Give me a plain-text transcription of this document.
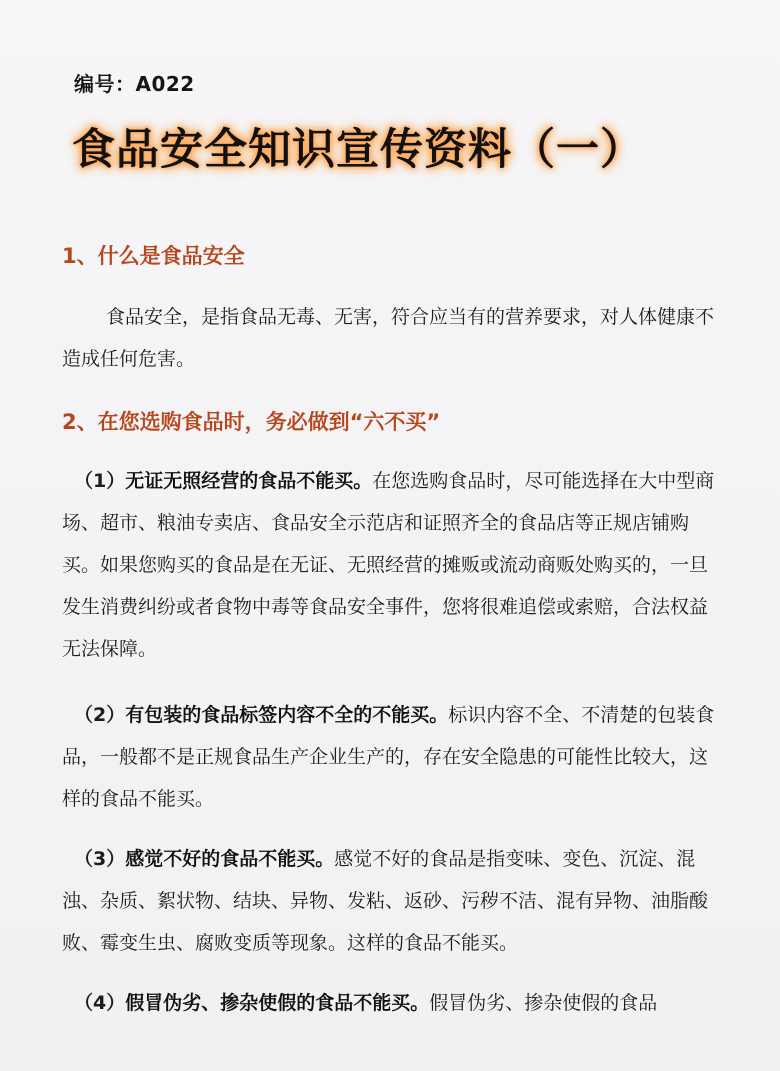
编号：A022
食品安全知识宣传资料（一）
1、什么是食品安全

食品安全，是指食品无毒、无害，符合应当有的营养要求，对人体健康不造成任何危害。

2、在您选购食品时，务必做到“六不买”

（1）无证无照经营的食品不能买。在您选购食品时，尽可能选择在大中型商场、超市、粮油专卖店、食品安全示范店和证照齐全的食品店等正规店铺购买。如果您购买的食品是在无证、无照经营的摊贩或流动商贩处购买的，一旦发生消费纠纷或者食物中毒等食品安全事件，您将很难追偿或索赔，合法权益无法保障。

（2）有包装的食品标签内容不全的不能买。标识内容不全、不清楚的包装食品，一般都不是正规食品生产企业生产的，存在安全隐患的可能性比较大，这样的食品不能买。

（3）感觉不好的食品不能买。感觉不好的食品是指变味、变色、沉淀、混浊、杂质、絮状物、结块、异物、发粘、返砂、污秽不洁、混有异物、油脂酸败、霉变生虫、腐败变质等现象。这样的食品不能买。

（4）假冒伪劣、掺杂使假的食品不能买。假冒伪劣、掺杂使假的食品
